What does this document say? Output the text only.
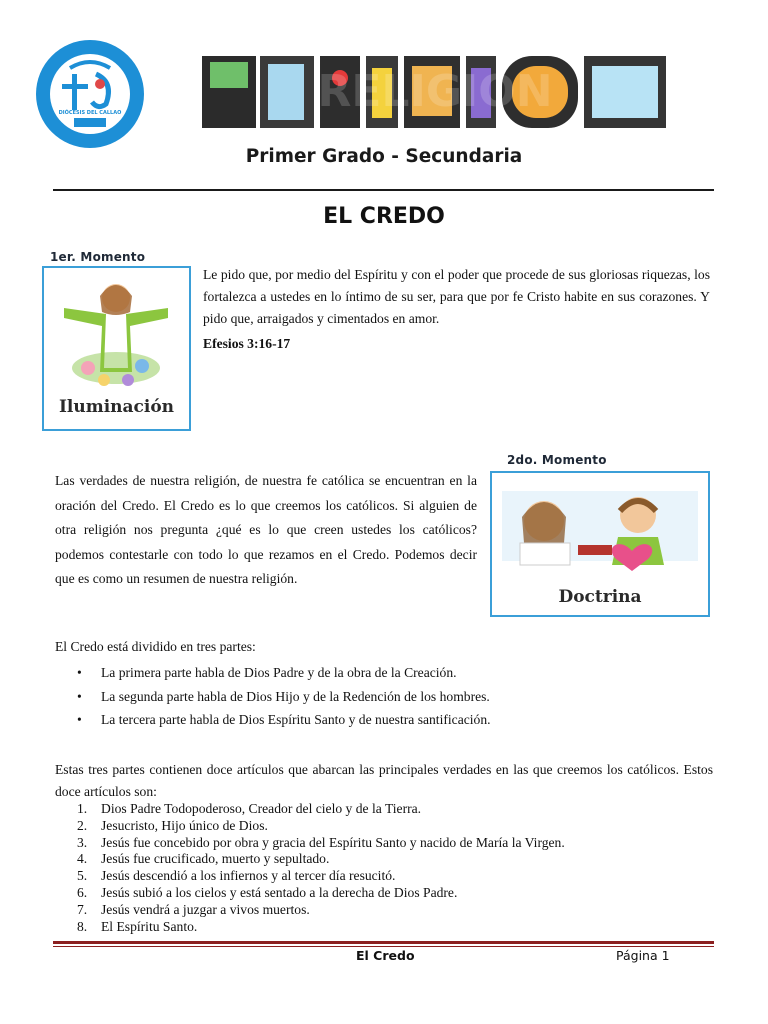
DIÓCESIS DEL CALLAO	RELIGION
Primer Grado - Secundaria
EL CREDO
1er. Momento
Iluminación
Le pido que, por medio del Espíritu y con el poder que procede de sus gloriosas riquezas, los fortalezca a ustedes en lo íntimo de su ser, para que por fe Cristo habite en sus corazones. Y pido que, arraigados y cimentados en amor.
Efesios 3:16-17
Las verdades de nuestra religión, de nuestra fe católica se encuentran en la oración del Credo. El Credo es lo que creemos los católicos. Si alguien de otra religión nos pregunta ¿qué es lo que creen ustedes los católicos? podemos contestarle con todo lo que rezamos en el Credo. Podemos decir que es como un resumen de nuestra religión.
2do. Momento
Doctrina
El Credo está dividido en tres partes:
• La primera parte habla de Dios Padre y de la obra de la Creación.
• La segunda parte habla de Dios Hijo y de la Redención de los hombres.
• La tercera parte habla de Dios Espíritu Santo y de nuestra santificación.
Estas tres partes contienen doce artículos que abarcan las principales verdades en las que creemos los católicos. Estos doce artículos son:
1.	Dios Padre Todopoderoso, Creador del cielo y de la Tierra.
2.	Jesucristo, Hijo único de Dios.
3.	Jesús fue concebido por obra y gracia del Espíritu Santo y nacido de María la Virgen.
4.	Jesús fue crucificado, muerto y sepultado.
5.	Jesús descendió a los infiernos y al tercer día resucitó.
6.	Jesús subió a los cielos y está sentado a la derecha de Dios Padre.
7.	Jesús vendrá a juzgar a vivos muertos.
8.	El Espíritu Santo.
El Credo	Página 1
